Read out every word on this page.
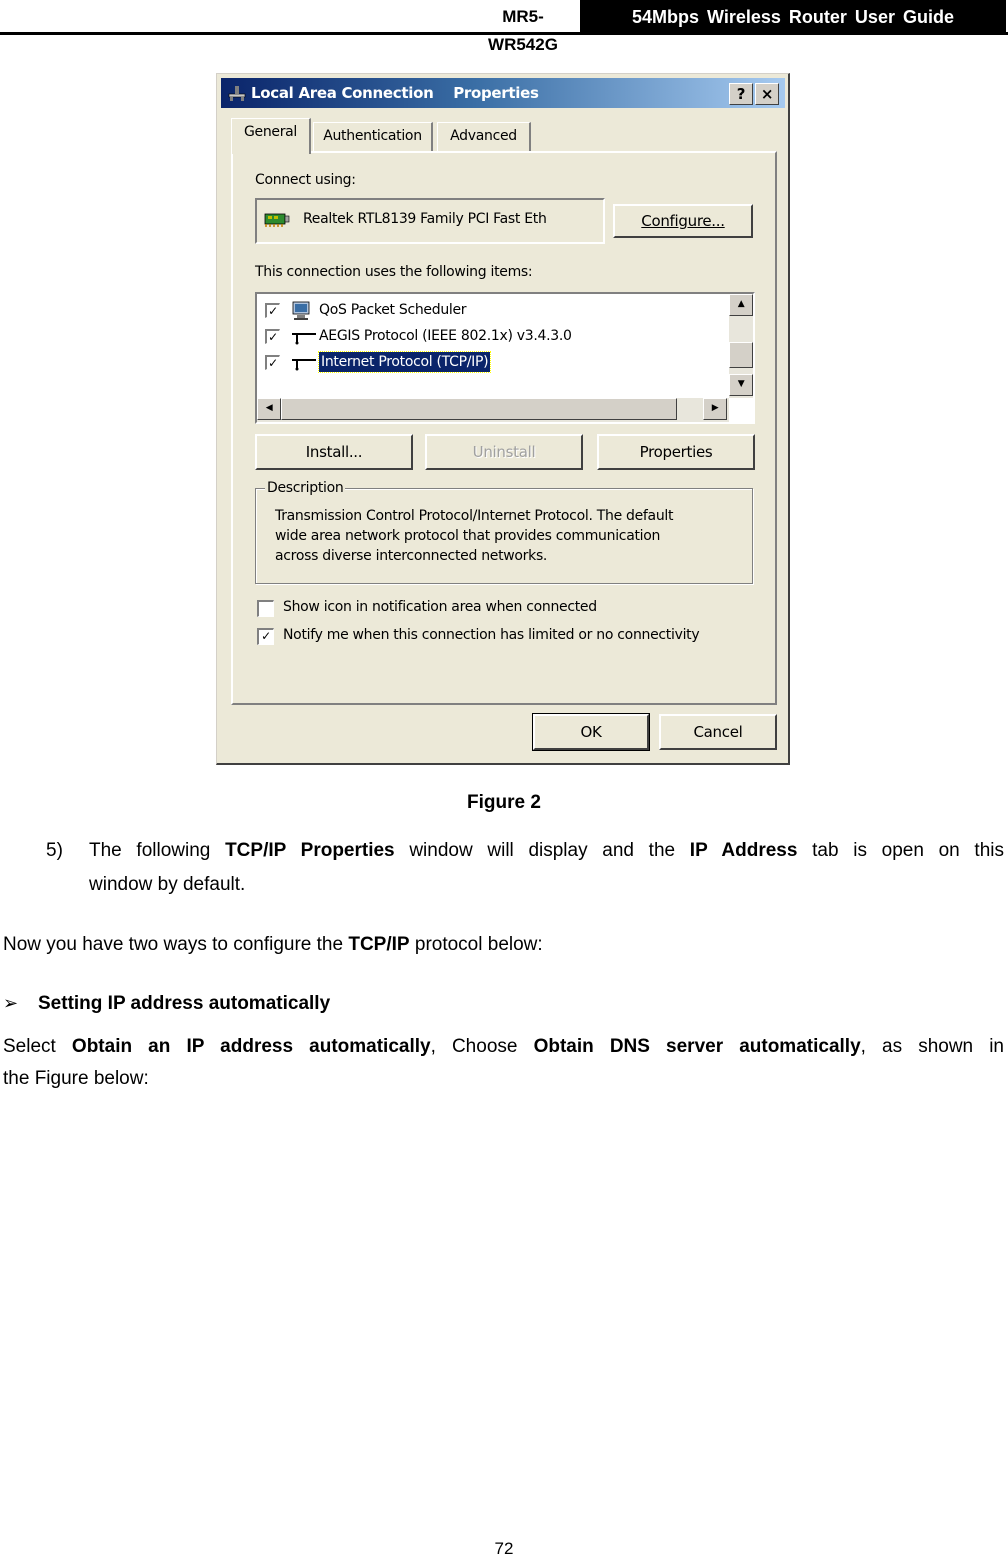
MR5-WR542G
54Mbps Wireless Router User Guide
Local Area Connection Properties	?	×
General	Authentication	Advanced
Connect using:
Realtek RTL8139 Family PCI Fast Eth	Configure...
This connection uses the following items:
✓	QoS Packet Scheduler
✓	AEGIS Protocol (IEEE 802.1x) v3.4.3.0
✓	Internet Protocol (TCP/IP)
▲
▼
◀	▶
Install...	Uninstall	Properties
Description
Transmission Control Protocol/Internet Protocol. The default
wide area network protocol that provides communication
across diverse interconnected networks.
Show icon in notification area when connected
✓ Notify me when this connection has limited or no connectivity
OK	Cancel
Figure 2
5) The following TCP/IP Properties window will display and the IP Address tab is open on this
window by default.
Now you have two ways to configure the TCP/IP protocol below:
➢ Setting IP address automatically
Select Obtain an IP address automatically, Choose Obtain DNS server automatically, as shown in
the Figure below:
72
